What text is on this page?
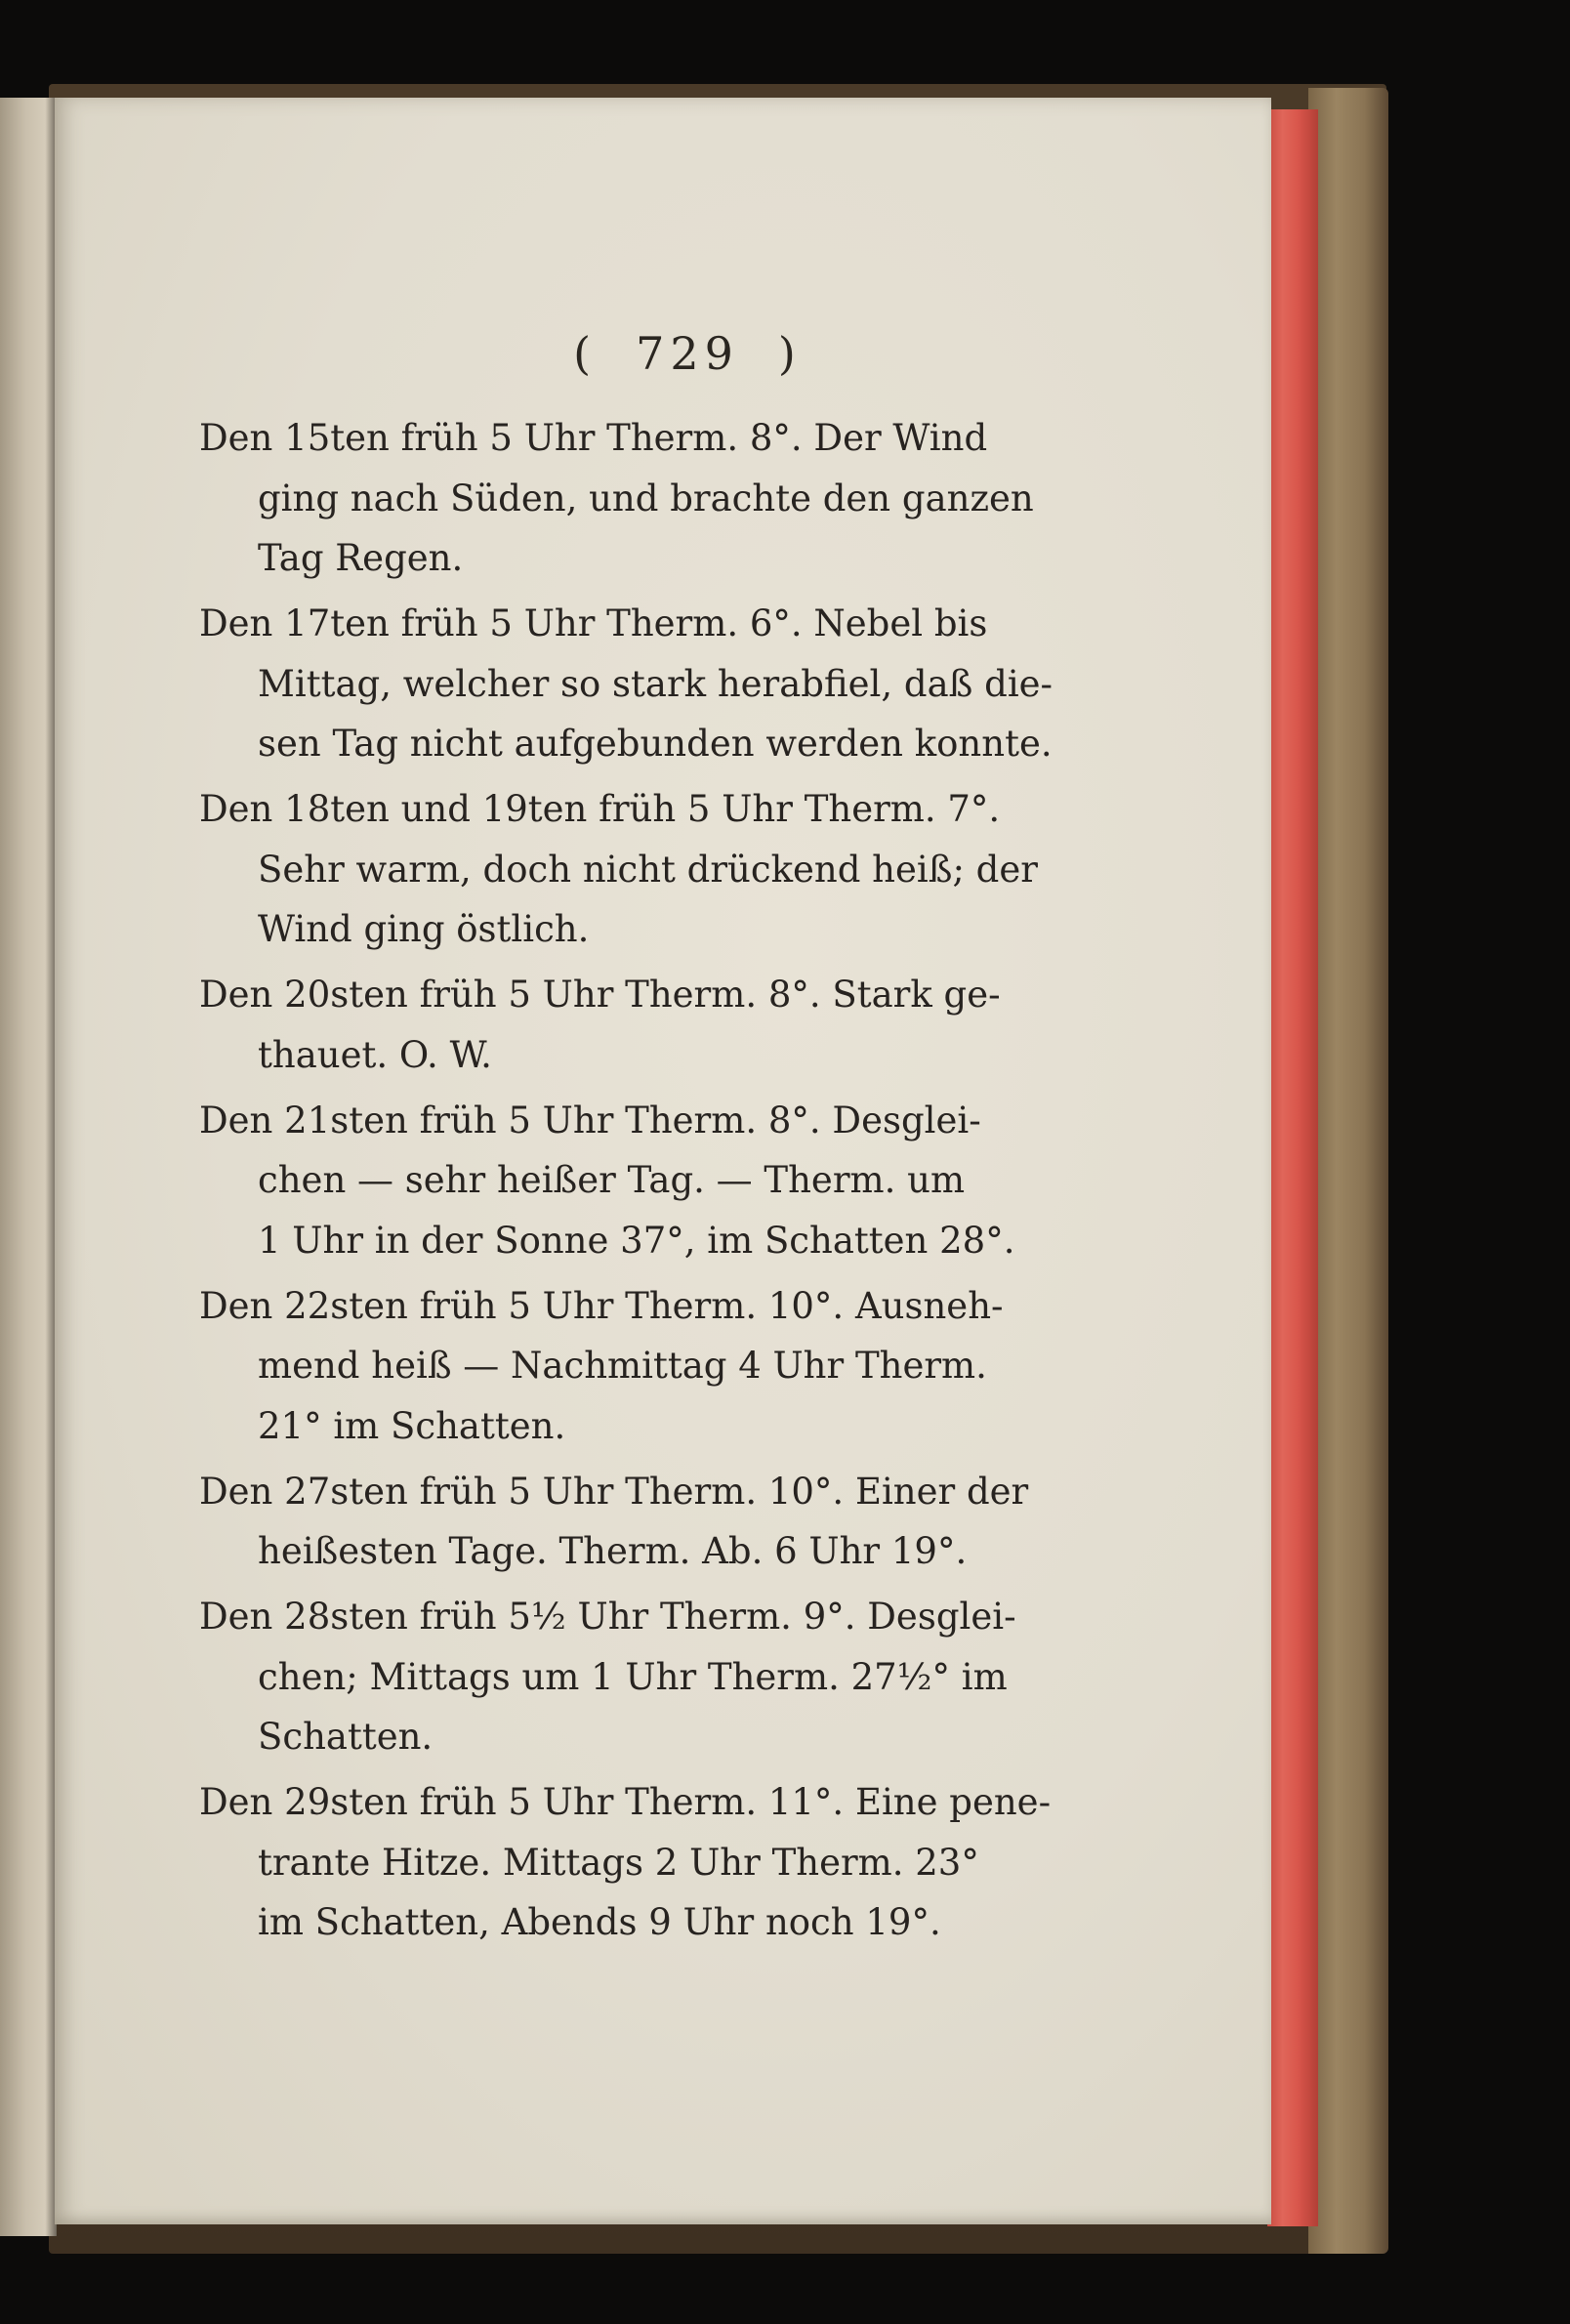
( 729 )
Den 15ten früh 5 Uhr Therm. 8°. Der Wind
ging nach Süden, und brachte den ganzen
Tag Regen.
Den 17ten früh 5 Uhr Therm. 6°. Nebel bis
Mittag, welcher so stark herabfiel, daß die-
sen Tag nicht aufgebunden werden konnte.
Den 18ten und 19ten früh 5 Uhr Therm. 7°.
Sehr warm, doch nicht drückend heiß; der
Wind ging östlich.
Den 20sten früh 5 Uhr Therm. 8°. Stark ge-
thauet. O. W.
Den 21sten früh 5 Uhr Therm. 8°. Desglei-
chen — sehr heißer Tag. — Therm. um
1 Uhr in der Sonne 37°, im Schatten 28°.
Den 22sten früh 5 Uhr Therm. 10°. Ausneh-
mend heiß — Nachmittag 4 Uhr Therm.
21° im Schatten.
Den 27sten früh 5 Uhr Therm. 10°. Einer der
heißesten Tage. Therm. Ab. 6 Uhr 19°.
Den 28sten früh 5½ Uhr Therm. 9°. Desglei-
chen; Mittags um 1 Uhr Therm. 27½° im
Schatten.
Den 29sten früh 5 Uhr Therm. 11°. Eine pene-
trante Hitze. Mittags 2 Uhr Therm. 23°
im Schatten, Abends 9 Uhr noch 19°.
